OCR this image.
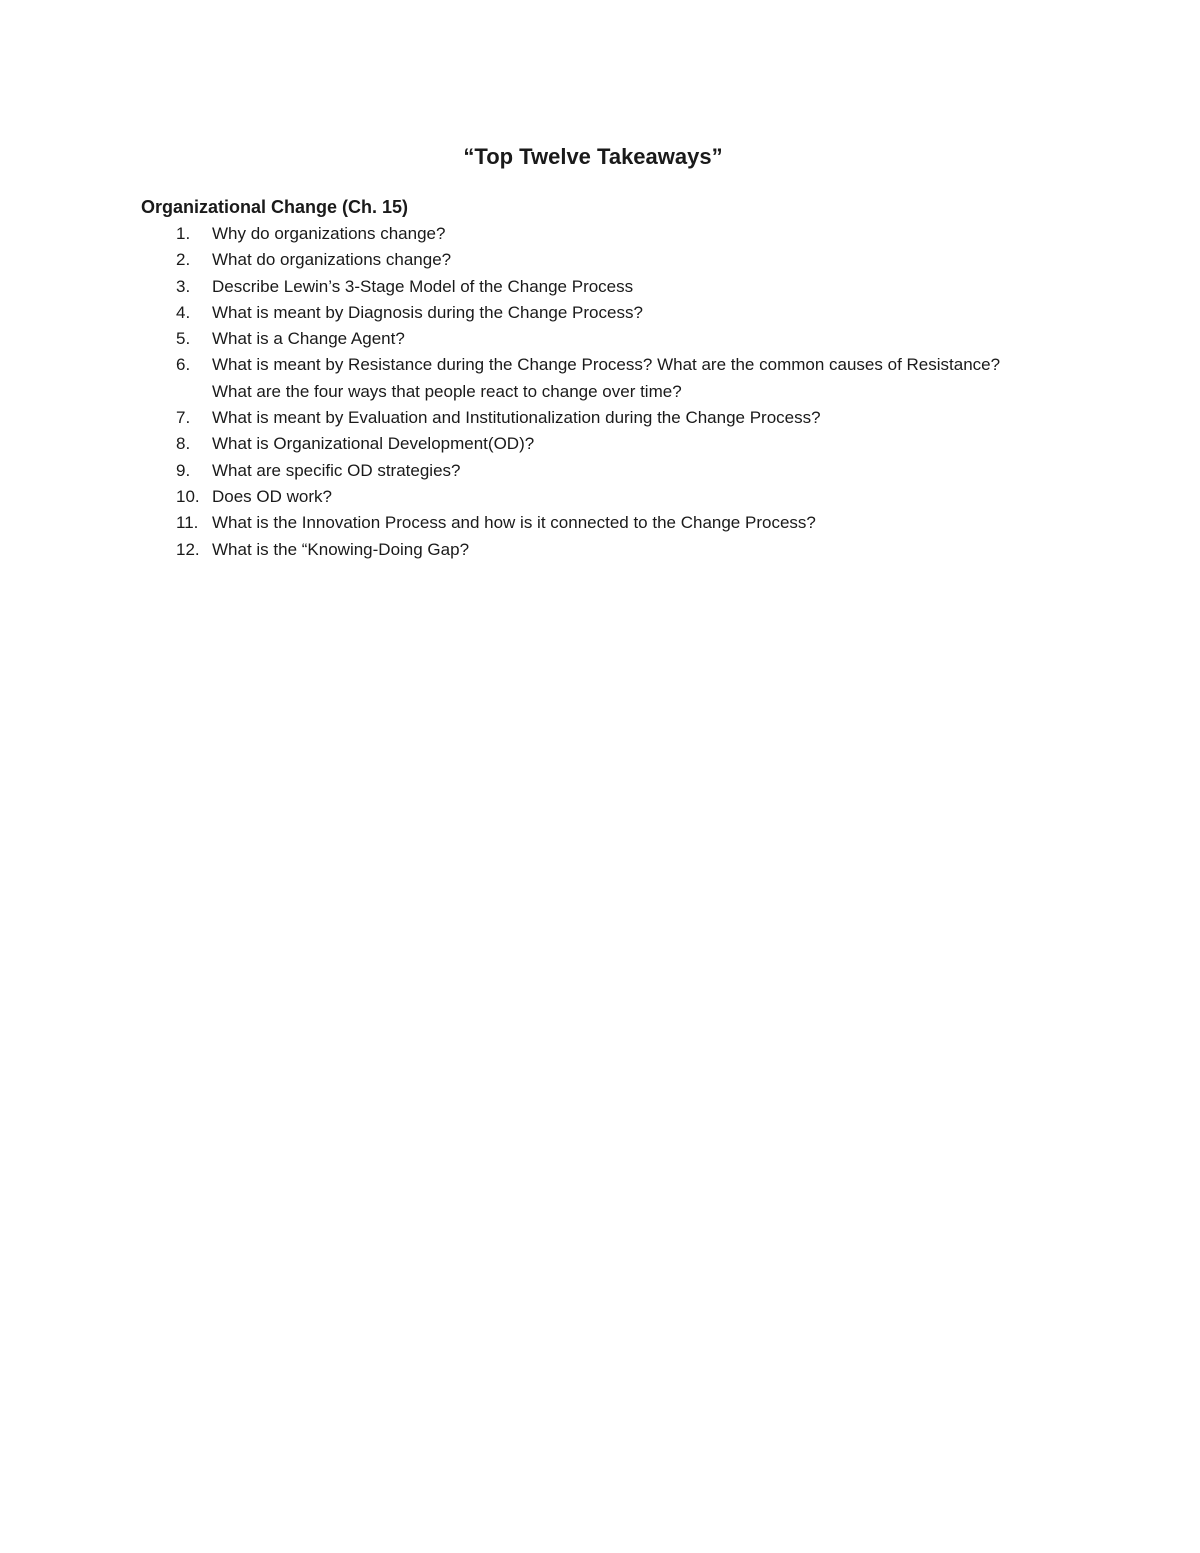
“Top Twelve Takeaways”
Organizational Change (Ch. 15)
1.	Why do organizations change?
2.	What do organizations change?
3.	Describe Lewin’s 3-Stage Model of the Change Process
4.	What is meant by Diagnosis during the Change Process?
5.	What is a Change Agent?
6.	What is meant by Resistance during the Change Process? What are the common causes of Resistance? What are the four ways that people react to change over time?
7.	What is meant by Evaluation and Institutionalization during the Change Process?
8.	What is Organizational Development(OD)?
9.	What are specific OD strategies?
10. Does OD work?
11. What is the Innovation Process and how is it connected to the Change Process?
12. What is the “Knowing-Doing Gap?
